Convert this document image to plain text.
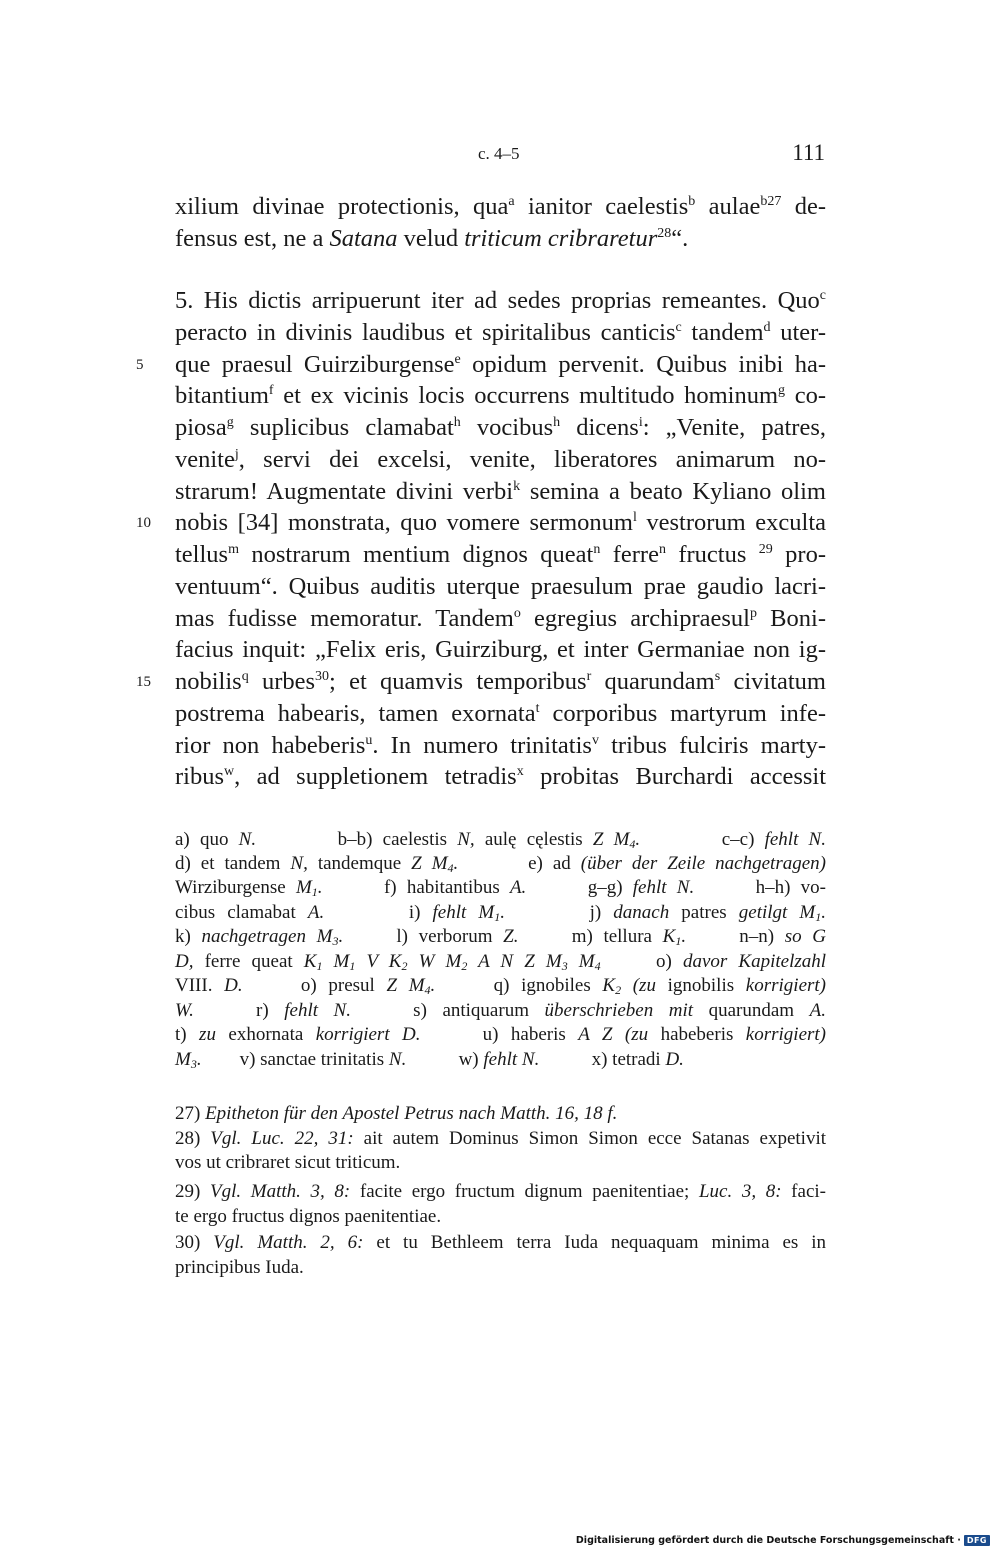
c. 4–5	111
xilium divinae protectionis, qua$^a$ ianitor caelestis$^b$ aulae$^{b27}$ de-
fensus est, ne a Satana velud triticum cribraretur$^{28}$“.
5. His dictis arripuerunt iter ad sedes proprias remeantes. Quo$^c$
peracto in divinis laudibus et spiritalibus canticis$^c$ tandem$^d$ uter-
que praesul Guirziburgense$^e$ opidum pervenit. Quibus inibi ha-
bitantium$^f$ et ex vicinis locis occurrens multitudo hominum$^g$ co-
piosa$^g$ suplicibus clamabat$^h$ vocibus$^h$ dicens$^i$: „Venite, patres,
venite$^j$, servi dei excelsi, venite, liberatores animarum no-
strarum! Augmentate divini verbi$^k$ semina a beato Kyliano olim
nobis [34] monstrata, quo vomere sermonum$^l$ vestrorum exculta
tellus$^m$ nostrarum mentium dignos queat$^n$ ferre$^n$ fructus $^{29}$ pro-
ventuum“. Quibus auditis uterque praesulum prae gaudio lacri-
mas fudisse memoratur. Tandem$^o$ egregius archipraesul$^p$ Boni-
facius inquit: „Felix eris, Guirziburg, et inter Germaniae non ig-
nobilis$^q$ urbes$^{30}$; et quamvis temporibus$^r$ quarundam$^s$ civitatum
postrema habearis, tamen exornata$^t$ corporibus martyrum infe-
rior non habeberis$^u$. In numero trinitatis$^v$ tribus fulciris marty-
ribus$^w$, ad suppletionem tetradis$^x$ probitas Burchardi accessit
5
10
15
a) quo N.        b–b) caelestis N, aulę cęlestis Z $M_4$.        c–c) fehlt N.
d) et tandem N, tandemque Z $M_4$.       e) ad (über der Zeile nachgetragen)
Wirziburgense $M_1$.      f) habitantibus A.      g–g) fehlt N.      h–h) vo-
cibus clamabat A.       i) fehlt $M_1$.       j) danach patres getilgt $M_1$.
k) nachgetragen $M_3$.     l) verborum Z.     m) tellura $K_1$.     n–n) so G
D, ferre queat $K_1$ $M_1$ V $K_2$ W $M_2$ A N Z $M_3$ $M_4$     o) davor Kapitelzahl
VIII. D.     o) presul Z $M_4$.     q) ignobiles $K_2$ (zu ignobilis korrigiert)
W.    r) fehlt N.    s) antiquarum überschrieben mit quarundam A.
t) zu exhornata korrigiert D.     u) haberis A Z (zu habeberis korrigiert)
$M_3$.        v) sanctae trinitatis N.           w) fehlt N.           x) tetradi D.
27) Epitheton für den Apostel Petrus nach Matth. 16, 18 f.
28) Vgl. Luc. 22, 31: ait autem Dominus Simon Simon ecce Satanas expetivit
vos ut cribraret sicut triticum.
29) Vgl. Matth. 3, 8: facite ergo fructum dignum paenitentiae; Luc. 3, 8: faci-
te ergo fructus dignos paenitentiae.
30) Vgl. Matth. 2, 6: et tu Bethleem terra Iuda nequaquam minima es in
principibus Iuda.
Digitalisierung gefördert durch die Deutsche Forschungsgemeinschaft · DFG
